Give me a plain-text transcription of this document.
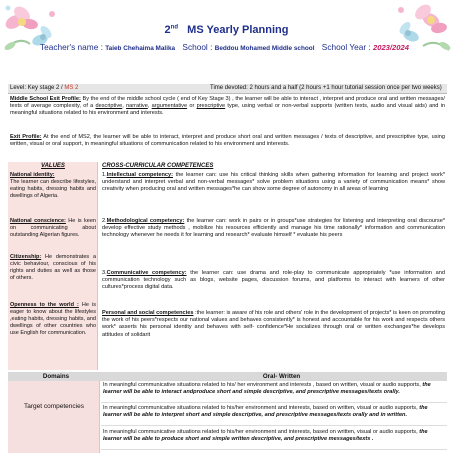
2nd MS Yearly Planning
Teacher's name : Taieb Chehaima Malika School : Beddou Mohamed Middle school School Year : 2023/2024
Level: Key stage 2 / MS 2	Time devoted: 2 hours and a half (2 hours +1 hour tutorial session once per two weeks)
Middle School Exit Profile: By the end of the middle school cycle ( end of Key Stage 3) , the learner will be able to interact , interpret and produce oral and written messages/ texts of average complexity, of a descriptive, narrative, argumentative or prescriptive type, using verbal or non-verbal supports (written texts, audio and visual aids) and in meaningful situations related to his environment and interests.
Exit Profile: At the end of MS2, the learner will be able to interact, interpret and produce short oral and written messages / texts of descriptive, and prescriptive type, using written, visual or oral support, in meaningful situations of communication related to his environment and interests.
VALUES
National identity:
The learner can describe lifestyles, eating habits, dressing habits and dwellings of Algeria.
National conscience: He is keen on communicating about outstanding Algerian figures.
Citizenship: He demonstrates a civic behaviour, conscious of his rights and duties as well as those of others.
Openness to the world : He is eager to know about the lifestyles ,eating habits, dressing habits, and dwellings of other countries who use English for communication.
CROSS-CURRICULAR COMPETENCES
1.Intellectual competency: the learner can: use his critical thinking skills when gathering information for learning and project work* understand and interpret verbal and non-verbal messages* solve problem situations using a variety of communication means* show creativity when producing oral and written messages*he can show some degree of autonomy in all areas of learning
2.Methodological competency: the learner can: work in pairs or in groups*use strategies for listening and interpreting oral discourse* develop effective study methods , mobilize his resources efficiently and manage his time rationally* information and communication technology whenever he needs it for learning and research* evaluate himself * evaluate his peers
3.Communicative competency: the learner can: use drama and role-play to communicate appropriately *use information and communication technology such as blogs, website pages, discussion forums, and platforms to interact with learners of other cultures*process digital data.
Personal and social competencies :the learner: is aware of his role and others' role in the development of projects* is keen on promoting the work of his peers*respects our national values and behaves consistently* is honest and accountable for his work and respects others work* asserts his personal identity and behaves with self- confidence*He socializes through oral or written exchanges*he develops attitudes of solidarit
Domains	Oral- Written
Target competencies
In meaningful communicative situations related to his/ her environment and interests , based on written, visual or audio supports, the learner will be able to interact andproduce short and simple descriptive, and prescriptive messages/texts orally.
In meaningful communicative situations related to his/her environment and interests, based on written, visual or audio supports, the learner will be able to interpret short and simple descriptive, and prescriptive messages/texts orally and in written.
In meaningful communicative situations related to his/her environment and interests, based on written, visual or audio supports, the learner will be able to produce short and simple written descriptive, and prescriptive messages/texts .
